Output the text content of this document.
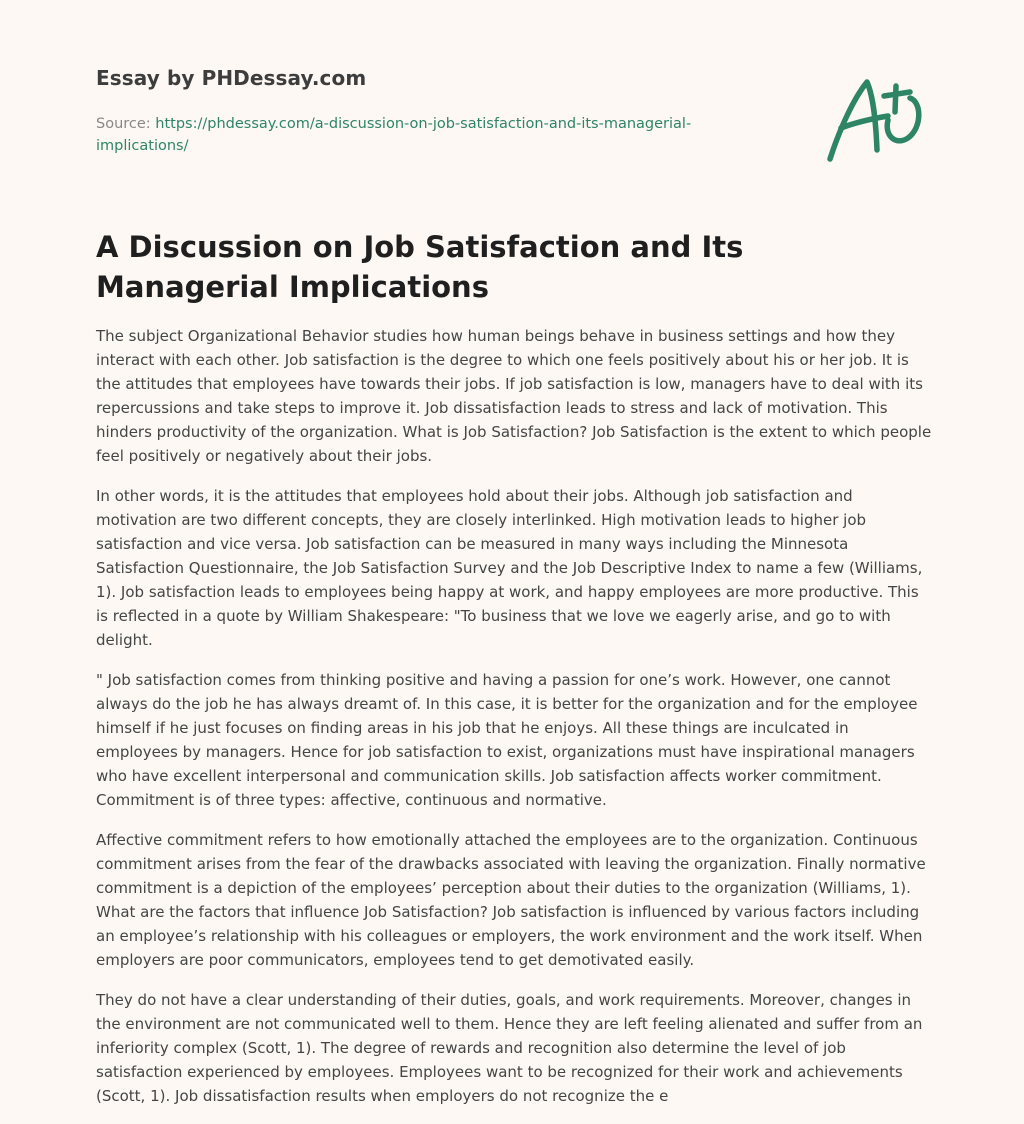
Essay by PHDessay.com
Source: https://phdessay.com/a-discussion-on-job-satisfaction-and-its-managerial-implications/
A Discussion on Job Satisfaction and Its Managerial Implications

The subject Organizational Behavior studies how human beings behave in business settings and how they interact with each other. Job satisfaction is the degree to which one feels positively about his or her job. It is the attitudes that employees have towards their jobs. If job satisfaction is low, managers have to deal with its repercussions and take steps to improve it. Job dissatisfaction leads to stress and lack of motivation. This hinders productivity of the organization. What is Job Satisfaction? Job Satisfaction is the extent to which people feel positively or negatively about their jobs.

In other words, it is the attitudes that employees hold about their jobs. Although job satisfaction and motivation are two different concepts, they are closely interlinked. High motivation leads to higher job satisfaction and vice versa. Job satisfaction can be measured in many ways including the Minnesota Satisfaction Questionnaire, the Job Satisfaction Survey and the Job Descriptive Index to name a few (Williams, 1). Job satisfaction leads to employees being happy at work, and happy employees are more productive. This is reflected in a quote by William Shakespeare: "To business that we love we eagerly arise, and go to with delight.

" Job satisfaction comes from thinking positive and having a passion for one’s work. However, one cannot always do the job he has always dreamt of. In this case, it is better for the organization and for the employee himself if he just focuses on finding areas in his job that he enjoys. All these things are inculcated in employees by managers. Hence for job satisfaction to exist, organizations must have inspirational managers who have excellent interpersonal and communication skills. Job satisfaction affects worker commitment. Commitment is of three types: affective, continuous and normative.

Affective commitment refers to how emotionally attached the employees are to the organization. Continuous commitment arises from the fear of the drawbacks associated with leaving the organization. Finally normative commitment is a depiction of the employees’ perception about their duties to the organization (Williams, 1). What are the factors that influence Job Satisfaction? Job satisfaction is influenced by various factors including an employee’s relationship with his colleagues or employers, the work environment and the work itself. When employers are poor communicators, employees tend to get demotivated easily.

They do not have a clear understanding of their duties, goals, and work requirements. Moreover, changes in the environment are not communicated well to them. Hence they are left feeling alienated and suffer from an inferiority complex (Scott, 1). The degree of rewards and recognition also determine the level of job satisfaction experienced by employees. Employees want to be recognized for their work and achievements (Scott, 1). Job dissatisfaction results when employers do not recognize the e
